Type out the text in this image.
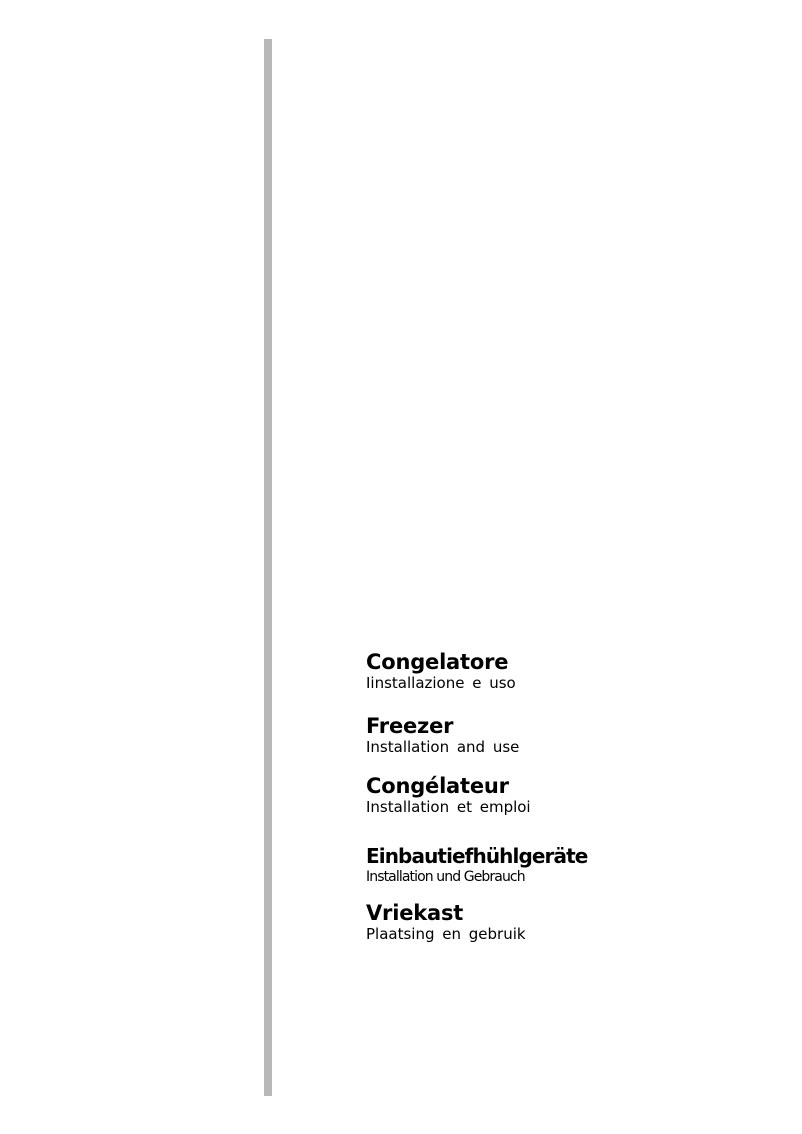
Congelatore
Iinstallazione e uso
Freezer
Installation and use
Congélateur
Installation et emploi
Einbautiefhühlgeräte
Installation und Gebrauch
Vriekast
Plaatsing en gebruik
